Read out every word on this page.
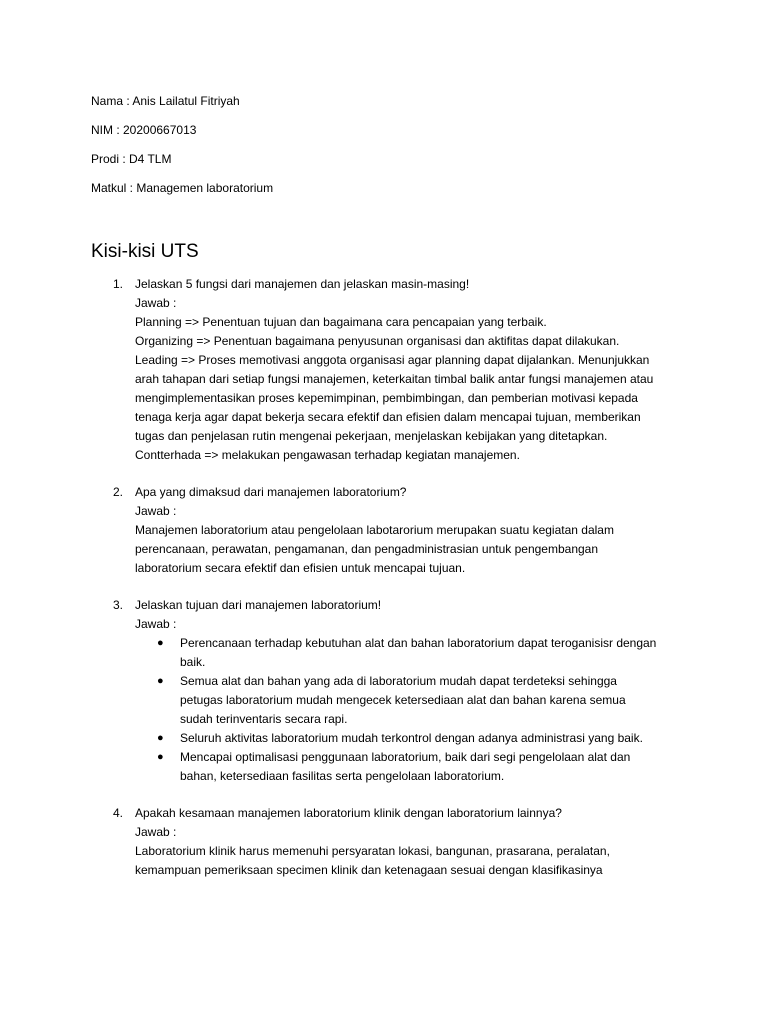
Nama : Anis Lailatul Fitriyah
NIM : 20200667013
Prodi : D4 TLM
Matkul : Managemen laboratorium
Kisi-kisi UTS
1. Jelaskan 5 fungsi dari manajemen dan jelaskan masin-masing!
Jawab :
Planning => Penentuan tujuan dan bagaimana cara pencapaian yang terbaik.
Organizing => Penentuan bagaimana penyusunan organisasi dan aktifitas dapat dilakukan.
Leading => Proses memotivasi anggota organisasi agar planning dapat dijalankan. Menunjukkan arah tahapan dari setiap fungsi manajemen, keterkaitan timbal balik antar fungsi manajemen atau mengimplementasikan proses kepemimpinan, pembimbingan, dan pemberian motivasi kepada tenaga kerja agar dapat bekerja secara efektif dan efisien dalam mencapai tujuan, memberikan tugas dan penjelasan rutin mengenai pekerjaan, menjelaskan kebijakan yang ditetapkan.
Contterhada => melakukan pengawasan terhadap kegiatan manajemen.
2. Apa yang dimaksud dari manajemen laboratorium?
Jawab :
Manajemen laboratorium atau pengelolaan labotarorium merupakan suatu kegiatan dalam perencanaan, perawatan, pengamanan, dan pengadministrasian untuk pengembangan laboratorium secara efektif dan efisien untuk mencapai tujuan.
3. Jelaskan tujuan dari manajemen laboratorium!
Jawab :
● Perencanaan terhadap kebutuhan alat dan bahan laboratorium dapat teroganisisr dengan baik.
● Semua alat dan bahan yang ada di laboratorium mudah dapat terdeteksi sehingga petugas laboratorium mudah mengecek ketersediaan alat dan bahan karena semua sudah terinventaris secara rapi.
● Seluruh aktivitas laboratorium mudah terkontrol dengan adanya administrasi yang baik.
● Mencapai optimalisasi penggunaan laboratorium, baik dari segi pengelolaan alat dan bahan, ketersediaan fasilitas serta pengelolaan laboratorium.
4. Apakah kesamaan manajemen laboratorium klinik dengan laboratorium lainnya?
Jawab :
Laboratorium klinik harus memenuhi persyaratan lokasi, bangunan, prasarana, peralatan, kemampuan pemeriksaan specimen klinik dan ketenagaan sesuai dengan klasifikasinya
